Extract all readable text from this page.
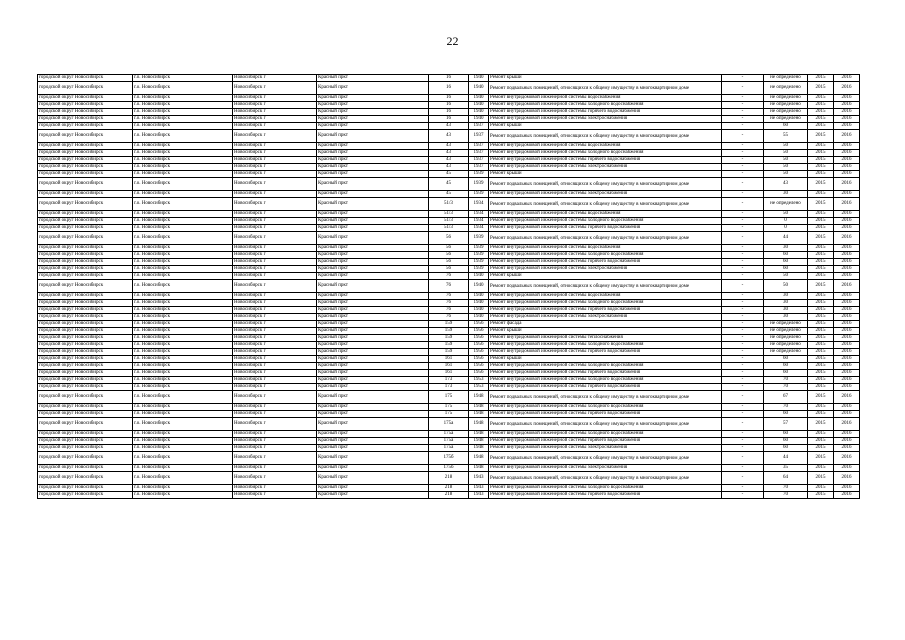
22
городской округ Новосибирск	г.о. Новосибирск	Новосибирск г	Красный пркт	16	1940	Ремонт крыши	-	не определено	2015	2016
городской округ Новосибирск	г.о. Новосибирск	Новосибирск г	Красный пркт	16	1940	Ремонт подвальных помещений, относящихся к общему имуществу в многоквартирном доме	-	не определено	2015	2016
городской округ Новосибирск	г.о. Новосибирск	Новосибирск г	Красный пркт	16	1940	Ремонт внутридомовой инженерной системы водоснабжения	-	не определено	2015	2016
городской округ Новосибирск	г.о. Новосибирск	Новосибирск г	Красный пркт	16	1940	Ремонт внутридомовой инженерной системы холодного водоснабжения	-	не определено	2015	2016
городской округ Новосибирск	г.о. Новосибирск	Новосибирск г	Красный пркт	16	1940	Ремонт внутридомовой инженерной системы горячего водоснабжения	-	не определено	2015	2016
городской округ Новосибирск	г.о. Новосибирск	Новосибирск г	Красный пркт	16	1940	Ремонт внутридомовой инженерной системы электроснабжения	-	не определено	2015	2016
городской округ Новосибирск	г.о. Новосибирск	Новосибирск г	Красный пркт	43	1937	Ремонт крыши	-	60	2015	2016
городской округ Новосибирск	г.о. Новосибирск	Новосибирск г	Красный пркт	43	1937	Ремонт подвальных помещений, относящихся к общему имуществу в многоквартирном доме	-	55	2015	2016
городской округ Новосибирск	г.о. Новосибирск	Новосибирск г	Красный пркт	43	1937	Ремонт внутридомовой инженерной системы водоснабжения	-	50	2015	2016
городской округ Новосибирск	г.о. Новосибирск	Новосибирск г	Красный пркт	43	1937	Ремонт внутридомовой инженерной системы холодного водоснабжения	-	50	2015	2016
городской округ Новосибирск	г.о. Новосибирск	Новосибирск г	Красный пркт	43	1937	Ремонт внутридомовой инженерной системы горячего водоснабжения	-	50	2015	2016
городской округ Новосибирск	г.о. Новосибирск	Новосибирск г	Красный пркт	43	1937	Ремонт внутридомовой инженерной системы электроснабжения	-	50	2015	2016
городской округ Новосибирск	г.о. Новосибирск	Новосибирск г	Красный пркт	45	1939	Ремонт крыши	-	50	2015	2016
городской округ Новосибирск	г.о. Новосибирск	Новосибирск г	Красный пркт	45	1939	Ремонт подвальных помещений, относящихся к общему имуществу в многоквартирном доме	-	43	2015	2016
городской округ Новосибирск	г.о. Новосибирск	Новосибирск г	Красный пркт	45	1939	Ремонт внутридомовой инженерной системы электроснабжения	-	30	2015	2016
городской округ Новосибирск	г.о. Новосибирск	Новосибирск г	Красный пркт	51/3	1934	Ремонт подвальных помещений, относящихся к общему имуществу в многоквартирном доме	-	не определено	2015	2016
городской округ Новосибирск	г.о. Новосибирск	Новосибирск г	Красный пркт	51/3	1934	Ремонт внутридомовой инженерной системы водоснабжения	-	50	2015	2016
городской округ Новосибирск	г.о. Новосибирск	Новосибирск г	Красный пркт	51/3	1934	Ремонт внутридомовой инженерной системы холодного водоснабжения	-	0	2015	2016
городской округ Новосибирск	г.о. Новосибирск	Новосибирск г	Красный пркт	51/3	1934	Ремонт внутридомовой инженерной системы горячего водоснабжения	-	0	2015	2016
городской округ Новосибирск	г.о. Новосибирск	Новосибирск г	Красный пркт	56	1939	Ремонт подвальных помещений, относящихся к общему имуществу в многоквартирном доме	-	44	2015	2016
городской округ Новосибирск	г.о. Новосибирск	Новосибирск г	Красный пркт	56	1939	Ремонт внутридомовой инженерной системы водоснабжения	-	30	2015	2016
городской округ Новосибирск	г.о. Новосибирск	Новосибирск г	Красный пркт	56	1939	Ремонт внутридомовой инженерной системы холодного водоснабжения	-	60	2015	2016
городской округ Новосибирск	г.о. Новосибирск	Новосибирск г	Красный пркт	56	1939	Ремонт внутридомовой инженерной системы горячего водоснабжения	-	60	2015	2016
городской округ Новосибирск	г.о. Новосибирск	Новосибирск г	Красный пркт	56	1939	Ремонт внутридомовой инженерной системы электроснабжения	-	60	2015	2016
городской округ Новосибирск	г.о. Новосибирск	Новосибирск г	Красный пркт	76	1940	Ремонт крыши	-	50	2015	2016
городской округ Новосибирск	г.о. Новосибирск	Новосибирск г	Красный пркт	76	1940	Ремонт подвальных помещений, относящихся к общему имуществу в многоквартирном доме	-	50	2015	2016
городской округ Новосибирск	г.о. Новосибирск	Новосибирск г	Красный пркт	76	1940	Ремонт внутридомовой инженерной системы водоснабжения	-	30	2015	2016
городской округ Новосибирск	г.о. Новосибирск	Новосибирск г	Красный пркт	76	1940	Ремонт внутридомовой инженерной системы холодного водоснабжения	-	30	2015	2016
городской округ Новосибирск	г.о. Новосибирск	Новосибирск г	Красный пркт	76	1940	Ремонт внутридомовой инженерной системы горячего водоснабжения	-	30	2015	2016
городской округ Новосибирск	г.о. Новосибирск	Новосибирск г	Красный пркт	76	1940	Ремонт внутридомовой инженерной системы электроснабжения	-	30	2015	2016
городской округ Новосибирск	г.о. Новосибирск	Новосибирск г	Красный пркт	159	1956	Ремонт фасада	-	не определено	2015	2016
городской округ Новосибирск	г.о. Новосибирск	Новосибирск г	Красный пркт	159	1956	Ремонт крыши	-	не определено	2015	2016
городской округ Новосибирск	г.о. Новосибирск	Новосибирск г	Красный пркт	159	1956	Ремонт внутридомовой инженерной системы теплоснабжения	-	не определено	2015	2016
городской округ Новосибирск	г.о. Новосибирск	Новосибирск г	Красный пркт	159	1956	Ремонт внутридомовой инженерной системы холодного водоснабжения	-	не определено	2015	2016
городской округ Новосибирск	г.о. Новосибирск	Новосибирск г	Красный пркт	159	1956	Ремонт внутридомовой инженерной системы горячего водоснабжения	-	не определено	2015	2016
городской округ Новосибирск	г.о. Новосибирск	Новосибирск г	Красный пркт	161	1956	Ремонт крыши	-	60	2015	2016
городской округ Новосибирск	г.о. Новосибирск	Новосибирск г	Красный пркт	161	1956	Ремонт внутридомовой инженерной системы холодного водоснабжения	-	60	2015	2016
городской округ Новосибирск	г.о. Новосибирск	Новосибирск г	Красный пркт	161	1956	Ремонт внутридомовой инженерной системы горячего водоснабжения	-	60	2015	2016
городской округ Новосибирск	г.о. Новосибирск	Новосибирск г	Красный пркт	173	1953	Ремонт внутридомовой инженерной системы холодного водоснабжения	-	70	2015	2016
городской округ Новосибирск	г.о. Новосибирск	Новосибирск г	Красный пркт	173	1953	Ремонт внутридомовой инженерной системы горячего водоснабжения	-	70	2015	2016
городской округ Новосибирск	г.о. Новосибирск	Новосибирск г	Красный пркт	175	1948	Ремонт подвальных помещений, относящихся к общему имуществу в многоквартирном доме	-	67	2015	2016
городской округ Новосибирск	г.о. Новосибирск	Новосибирск г	Красный пркт	175	1948	Ремонт внутридомовой инженерной системы холодного водоснабжения	-	70	2015	2016
городской округ Новосибирск	г.о. Новосибирск	Новосибирск г	Красный пркт	175	1948	Ремонт внутридомовой инженерной системы горячего водоснабжения	-	60	2015	2016
городской округ Новосибирск	г.о. Новосибирск	Новосибирск г	Красный пркт	175а	1948	Ремонт подвальных помещений, относящихся к общему имуществу в многоквартирном доме	-	57	2015	2016
городской округ Новосибирск	г.о. Новосибирск	Новосибирск г	Красный пркт	175а	1948	Ремонт внутридомовой инженерной системы холодного водоснабжения	-	60	2015	2016
городской округ Новосибирск	г.о. Новосибирск	Новосибирск г	Красный пркт	175а	1948	Ремонт внутридомовой инженерной системы горячего водоснабжения	-	60	2015	2016
городской округ Новосибирск	г.о. Новосибирск	Новосибирск г	Красный пркт	175а	1948	Ремонт внутридомовой инженерной системы электроснабжения	-	60	2015	2016
городской округ Новосибирск	г.о. Новосибирск	Новосибирск г	Красный пркт	175б	1948	Ремонт подвальных помещений, относящихся к общему имуществу в многоквартирном доме	-	44	2015	2016
городской округ Новосибирск	г.о. Новосибирск	Новосибирск г	Красный пркт	175б	1948	Ремонт внутридомовой инженерной системы электроснабжения	-	35	2015	2016
городской округ Новосибирск	г.о. Новосибирск	Новосибирск г	Красный пркт	218	1943	Ремонт подвальных помещений, относящихся к общему имуществу в многоквартирном доме	-	64	2015	2016
городской округ Новосибирск	г.о. Новосибирск	Новосибирск г	Красный пркт	218	1943	Ремонт внутридомовой инженерной системы холодного водоснабжения	-	70	2015	2016
городской округ Новосибирск	г.о. Новосибирск	Новосибирск г	Красный пркт	218	1943	Ремонт внутридомовой инженерной системы горячего водоснабжения	-	70	2015	2016
